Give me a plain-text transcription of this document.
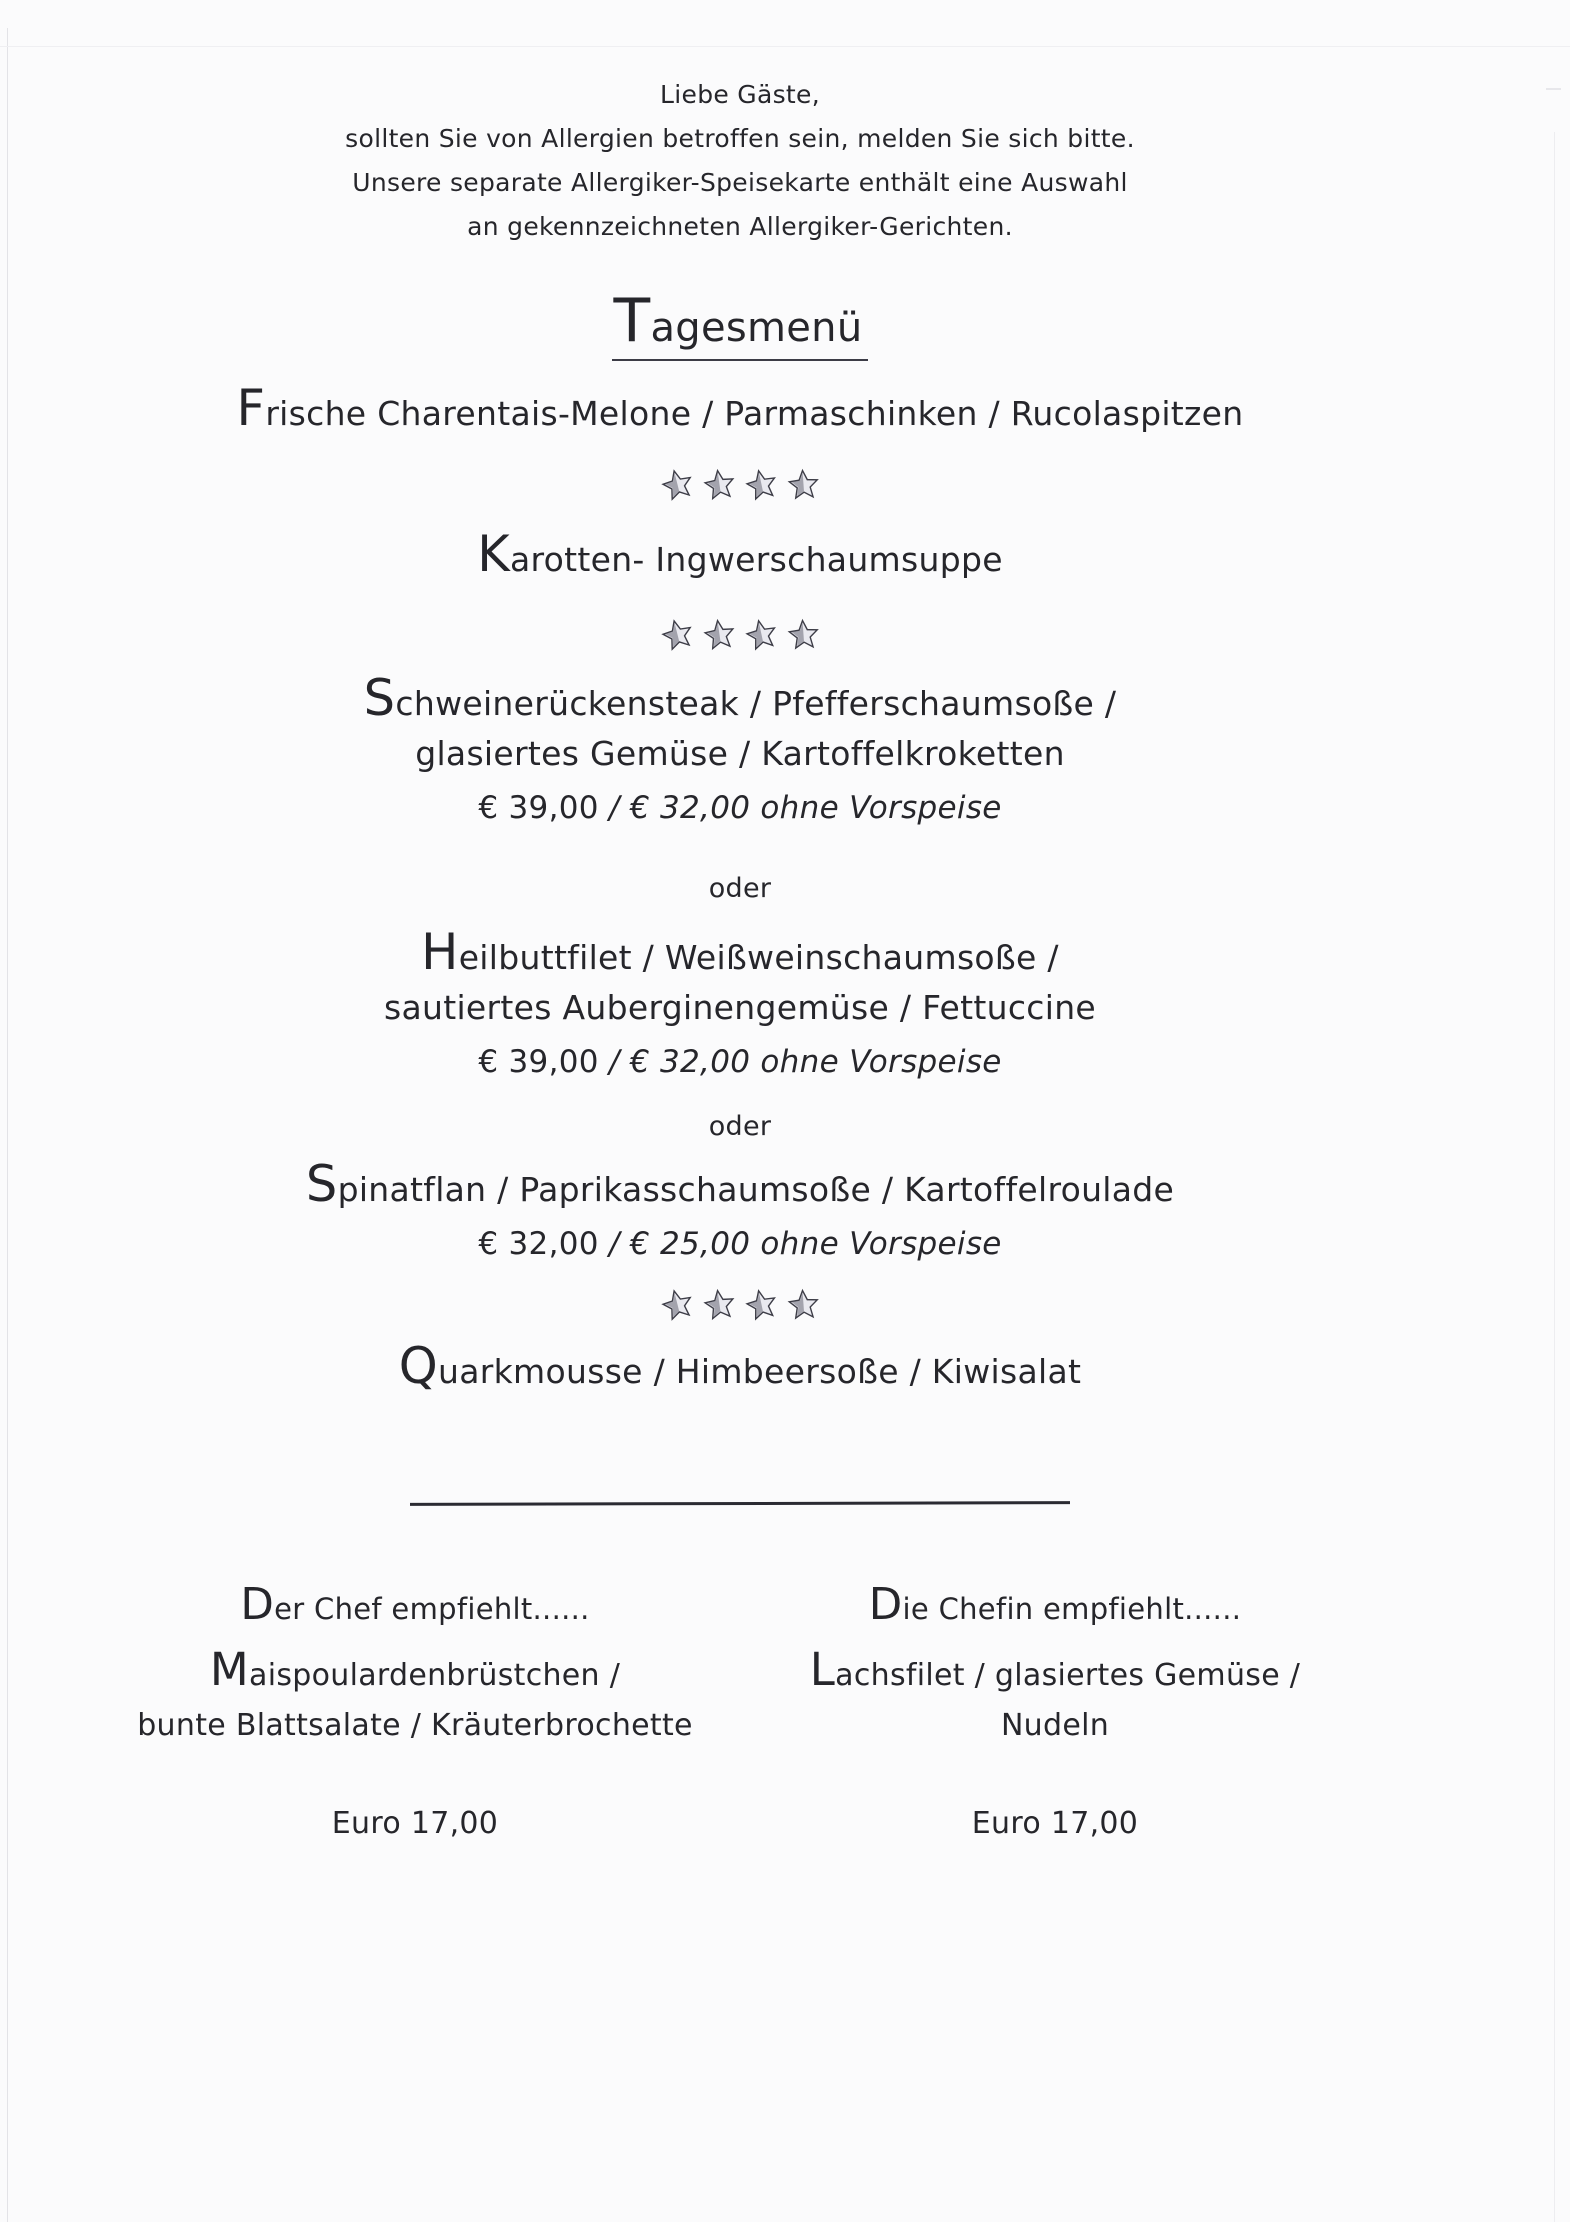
Liebe Gäste,
sollten Sie von Allergien betroffen sein, melden Sie sich bitte.
Unsere separate Allergiker-Speisekarte enthält eine Auswahl
an gekennzeichneten Allergiker-Gerichten.
Tagesmenü
Frische Charentais-Melone / Parmaschinken / Rucolaspitzen
Karotten- Ingwerschaumsuppe
Schweinerückensteak / Pfefferschaumsoße /
glasiertes Gemüse / Kartoffelkroketten
€ 39,00 / € 32,00 ohne Vorspeise
oder
Heilbuttfilet / Weißweinschaumsoße /
sautiertes Auberginengemüse / Fettuccine
€ 39,00 / € 32,00 ohne Vorspeise
oder
Spinatflan / Paprikasschaumsoße / Kartoffelroulade
€ 32,00 / € 25,00 ohne Vorspeise
Quarkmousse / Himbeersoße / Kiwisalat
Der Chef empfiehlt......
Maispoulardenbrüstchen /
bunte Blattsalate / Kräuterbrochette
Euro 17,00
Die Chefin empfiehlt......
Lachsfilet / glasiertes Gemüse /
Nudeln
Euro 17,00
